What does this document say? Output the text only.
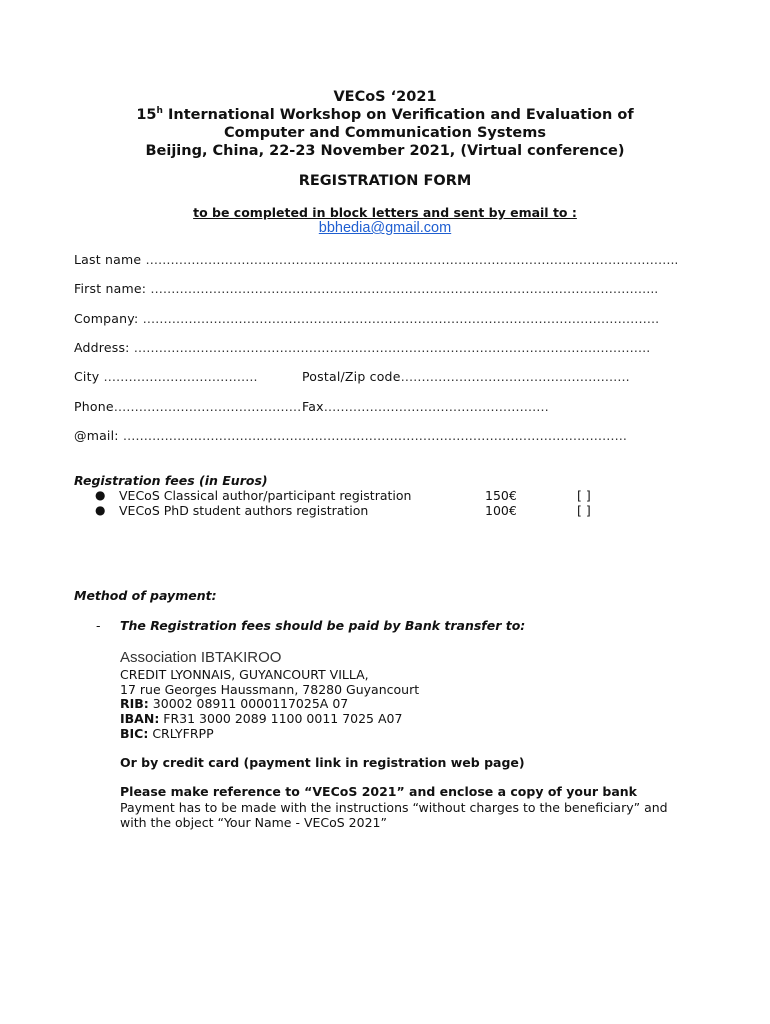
VECoS ‘2021
15$^h$ International Workshop on Verification and Evaluation of
Computer and Communication Systems
Beijing, China, 22-23 November 2021, (Virtual conference)
REGISTRATION FORM
to be completed in block letters and sent by email to :
bbhedia@gmail.com
Last name ………………………………………………………………………………………………………………..
First name: …………………………………………………………………………………………………………..
Company: …………………………………………………………………………………………………………….
Address: …………………………………………………………………………………………………………….
City ……………………………….	Postal/Zip code……………………………………………….
Phone……………………………………… Fax………………………………………………
@mail: ………………………………………………………………………………………………………….
Registration fees (in Euros)
● VECoS Classical author/participant registration	150€	[ ]
● VECoS PhD student authors registration	100€	[ ]
Method of payment:
- The Registration fees should be paid by Bank transfer to:
Association IBTAKIROO
CREDIT LYONNAIS, GUYANCOURT VILLA,
17 rue Georges Haussmann, 78280 Guyancourt
RIB: 30002 08911 0000117025A 07
IBAN: FR31 3000 2089 1100 0011 7025 A07
BIC: CRLYFRPP
Or by credit card (payment link in registration web page)
Please make reference to “VECoS 2021” and enclose a copy of your bank
Payment has to be made with the instructions “without charges to the beneficiary” and
with the object “Your Name - VECoS 2021”
